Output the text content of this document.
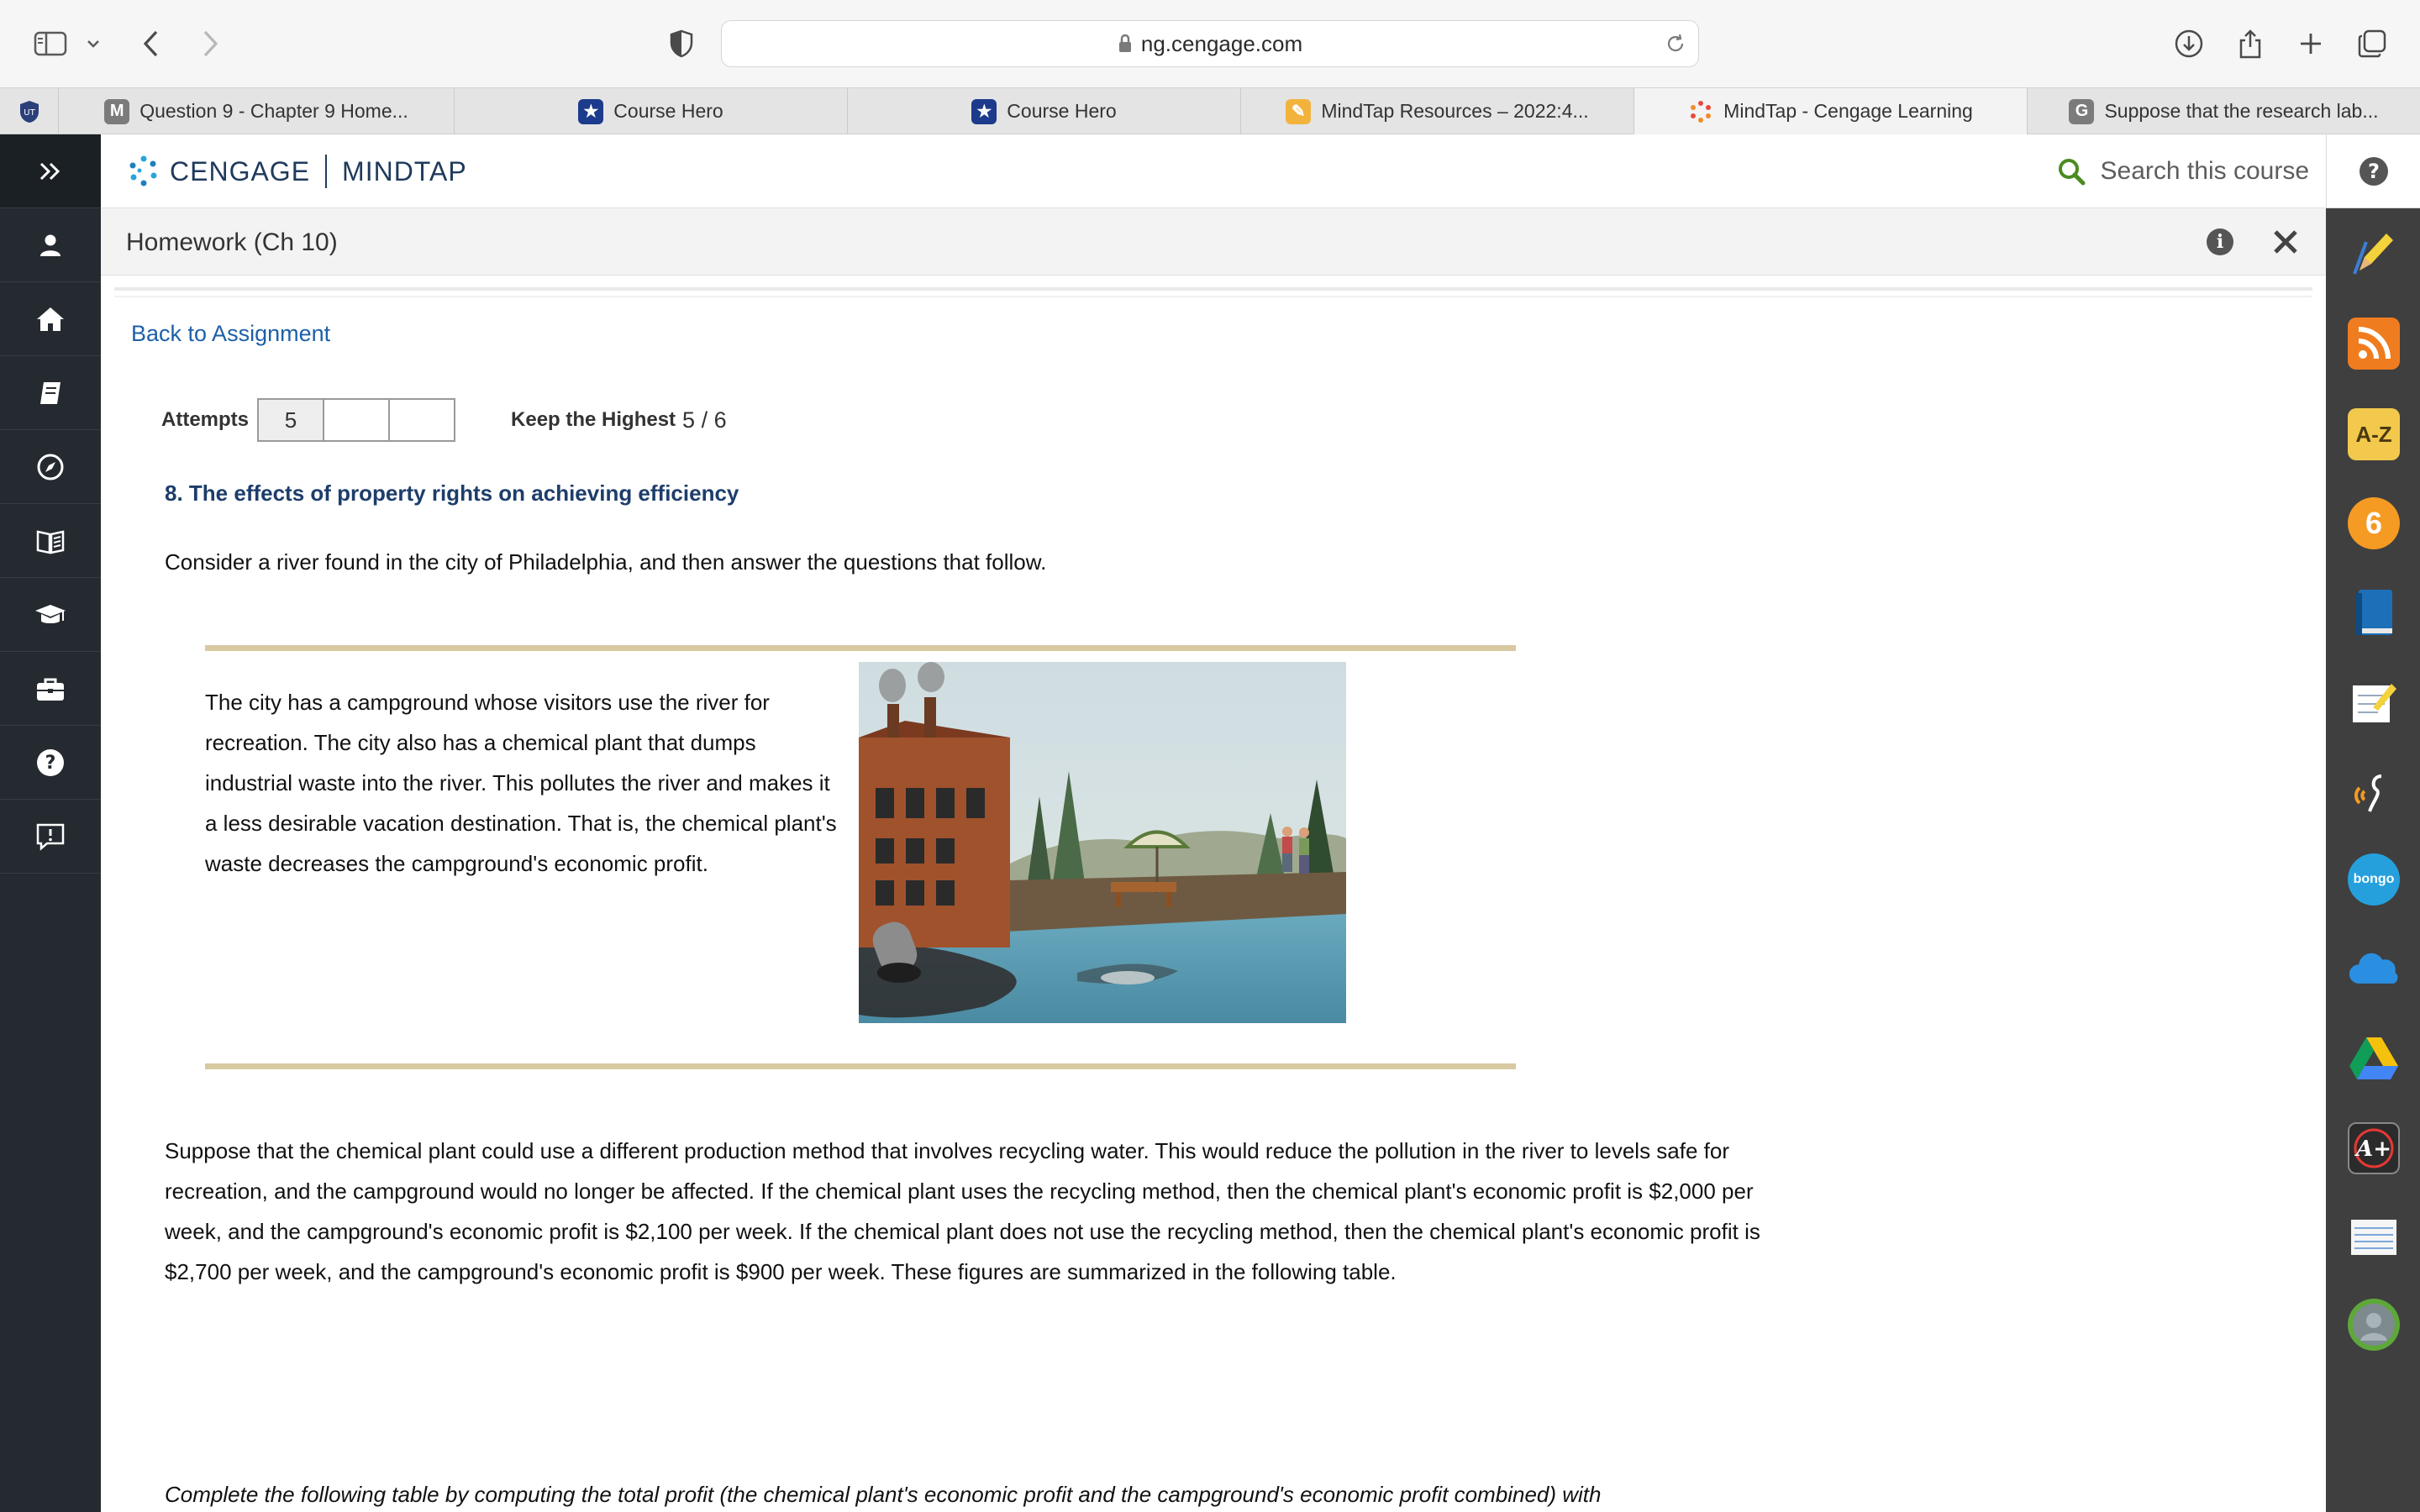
ng.cengage.com
UT	M Question 9 - Chapter 9 Home...	★ Course Hero	★ Course Hero	✎ MindTap Resources – 2022:4...	MindTap - Cengage Learning	G Suppose that the research lab...
?
CENGAGE MINDTAP	Search this course	?
A-Z
6
bongo
A+
Homework (Ch 10)	i
Back to Assignment
Attempts	5	Keep the Highest 5 / 6
8. The effects of property rights on achieving efficiency
Consider a river found in the city of Philadelphia, and then answer the questions that follow.
The city has a campground whose visitors use the river for recreation. The city also has a chemical plant that dumps industrial waste into the river. This pollutes the river and makes it a less desirable vacation destination. That is, the chemical plant's waste decreases the campground's economic profit.
Suppose that the chemical plant could use a different production method that involves recycling water. This would reduce the pollution in the river to levels safe for recreation, and the campground would no longer be affected. If the chemical plant uses the recycling method, then the chemical plant's economic profit is $2,000 per week, and the campground's economic profit is $2,100 per week. If the chemical plant does not use the recycling method, then the chemical plant's economic profit is $2,700 per week, and the campground's economic profit is $900 per week. These figures are summarized in the following table.
Complete the following table by computing the total profit (the chemical plant's economic profit and the campground's economic profit combined) with
